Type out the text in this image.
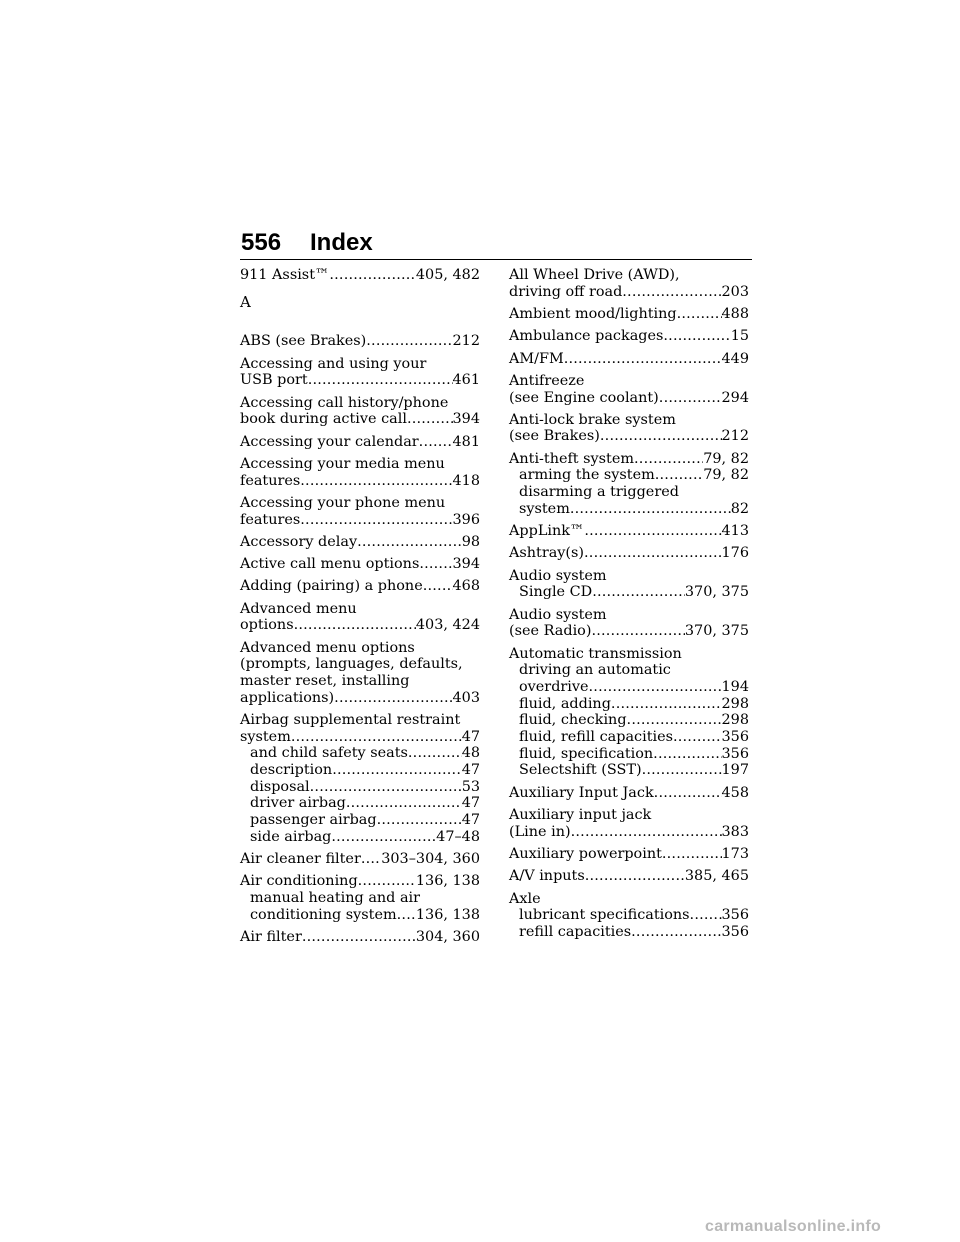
556 Index
911 Assist™ .....	405, 482
A
ABS (see Brakes) .....	212
Accessing and using your
USB port .....	461
Accessing call history/phone
book during active call .....	394
Accessing your calendar ..... 481
Accessing your media menu
features .....	418
Accessing your phone menu
features .....	396
Accessory delay .....	98
Active call menu options ..... 394
Adding (pairing) a phone ..... 468
Advanced menu
options .....	403, 424
Advanced menu options
(prompts, languages, defaults,
master reset, installing
applications) .....	403
Airbag supplemental restraint
system .....	47
and child safety seats .....	48
description .....	47
disposal .....	53
driver airbag .....	47
passenger airbag .....	47
side airbag .....	47–48
Air cleaner filter ..... 303–304, 360
Air conditioning .....	136, 138
manual heating and air
conditioning system ..... 136, 138
Air filter .....	304, 360
All Wheel Drive (AWD),
driving off road .....	203
Ambient mood/lighting .....	488
Ambulance packages .....	15
AM/FM .....	449
Antifreeze
(see Engine coolant) .....	294
Anti-lock brake system
(see Brakes) .....	212
Anti-theft system .....	79, 82
arming the system .....	79, 82
disarming a triggered
system .....	82
AppLink™ .....	413
Ashtray(s) .....	176
Audio system
Single CD .....	370, 375
Audio system
(see Radio) .....	370, 375
Automatic transmission
driving an automatic
overdrive .....	194
fluid, adding .....	298
fluid, checking .....	298
fluid, refill capacities .....	356
fluid, specification .....	356
Selectshift (SST) .....	197
Auxiliary Input Jack .....	458
Auxiliary input jack
(Line in) .....	383
Auxiliary powerpoint .....	173
A/V inputs .....	385, 465
Axle
lubricant specifications ..... 356
refill capacities .....	356
carmanualsonline.info
